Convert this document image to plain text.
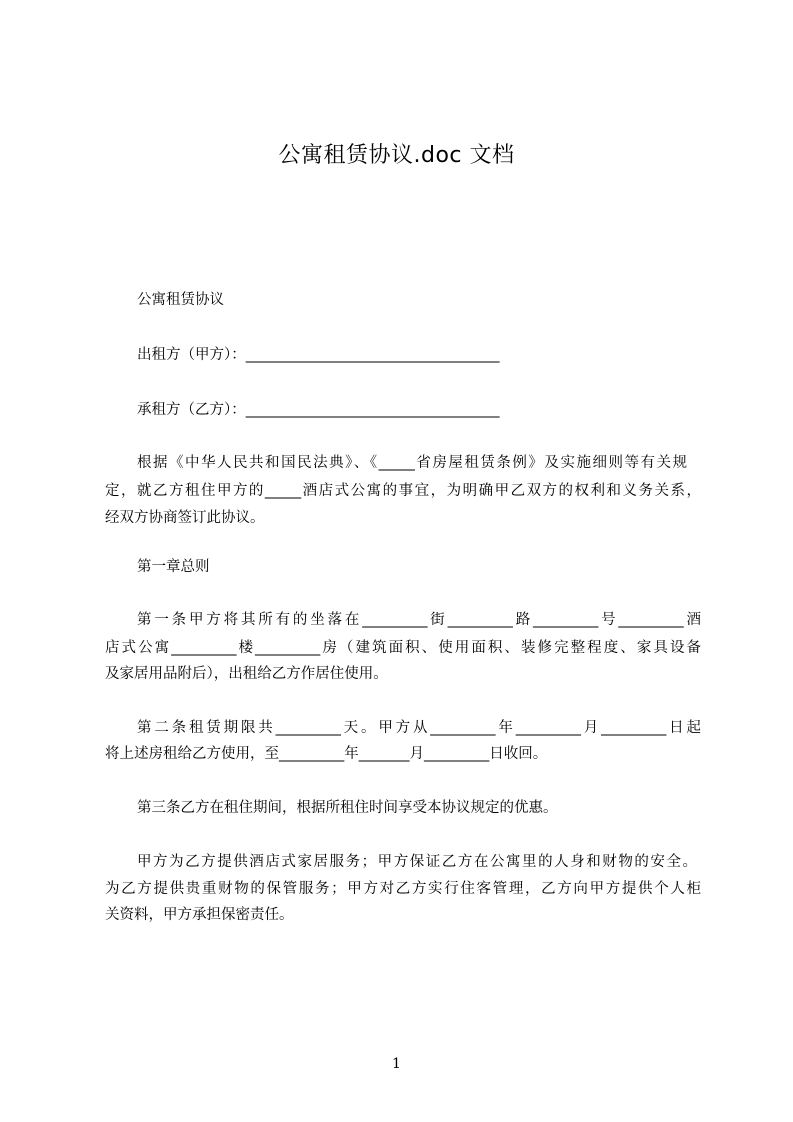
公寓租赁协议.doc 文档
公寓租赁协议
出租方（甲方）：___________________________________
承租方（乙方）：___________________________________
根据《中华人民共和国民法典》、《_____省房屋租赁条例》及实施细则等有关规
定，就乙方租住甲方的_____酒店式公寓的事宜，为明确甲乙双方的权利和义务关系，
经双方协商签订此协议。
第一章总则
第一条甲方将其所有的坐落在_________街_________路_________号_________酒
店式公寓_________楼_________房（建筑面积、使用面积、装修完整程度、家具设备
及家居用品附后），出租给乙方作居住使用。
第二条租赁期限共_________天。甲方从_________年_________月_________日起
将上述房租给乙方使用，至_________年_______月_________日收回。
第三条乙方在租住期间，根据所租住时间享受本协议规定的优惠。
甲方为乙方提供酒店式家居服务；甲方保证乙方在公寓里的人身和财物的安全。
为乙方提供贵重财物的保管服务；甲方对乙方实行住客管理，乙方向甲方提供个人柜
关资料，甲方承担保密责任。
1
